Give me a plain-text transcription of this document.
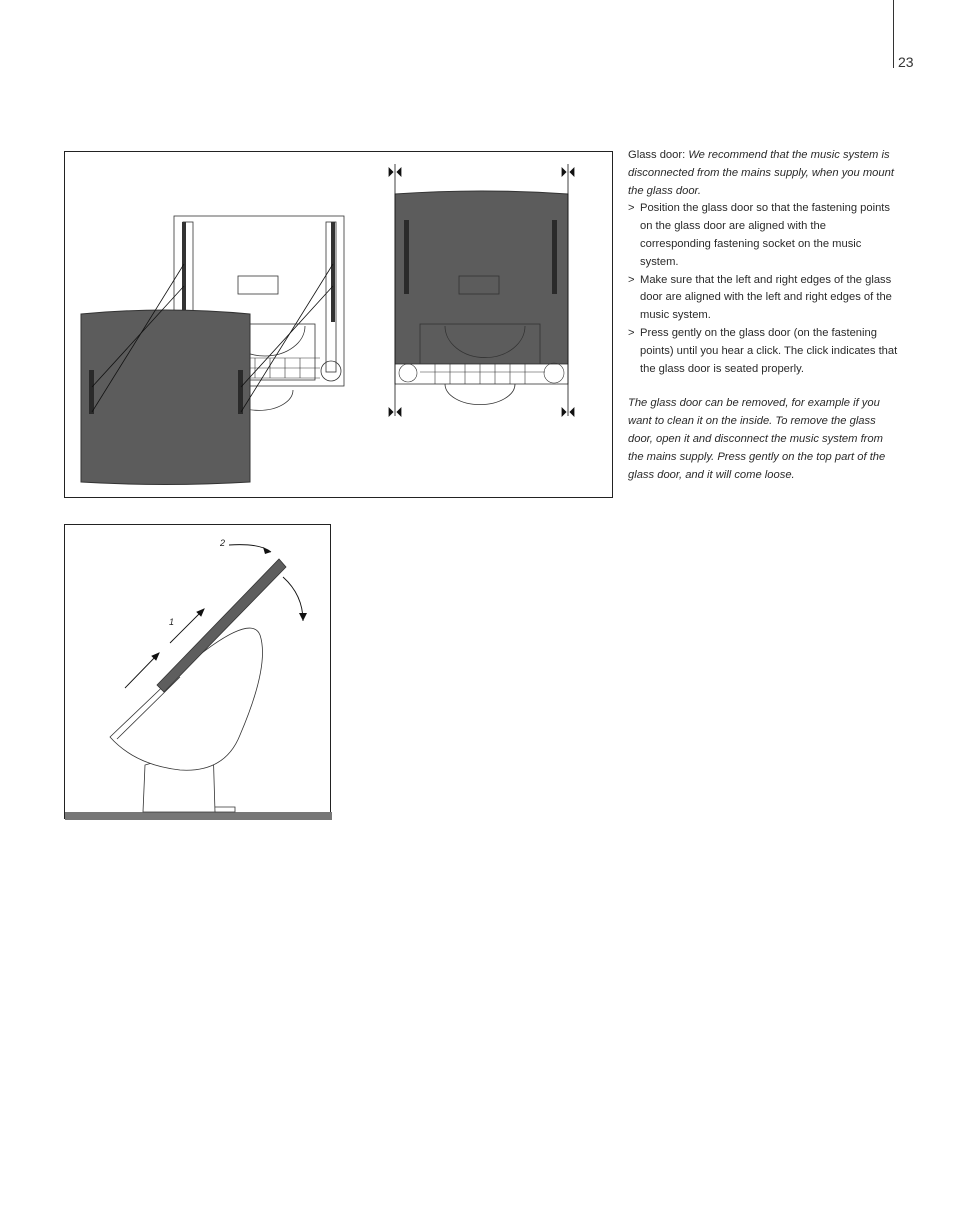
23
1
2

Glass door: We recommend that the music system is disconnected from the mains supply, when you mount the glass door.

> Position the glass door so that the fastening points on the glass door are aligned with the corresponding fastening socket on the music system.
> Make sure that the left and right edges of the glass door are aligned with the left and right edges of the music system.
> Press gently on the glass door (on the fastening points) until you hear a click. The click indicates that the glass door is seated properly.

The glass door can be removed, for example if you want to clean it on the inside. To remove the glass door, open it and disconnect the music system from the mains supply. Press gently on the top part of the glass door, and it will come loose.
